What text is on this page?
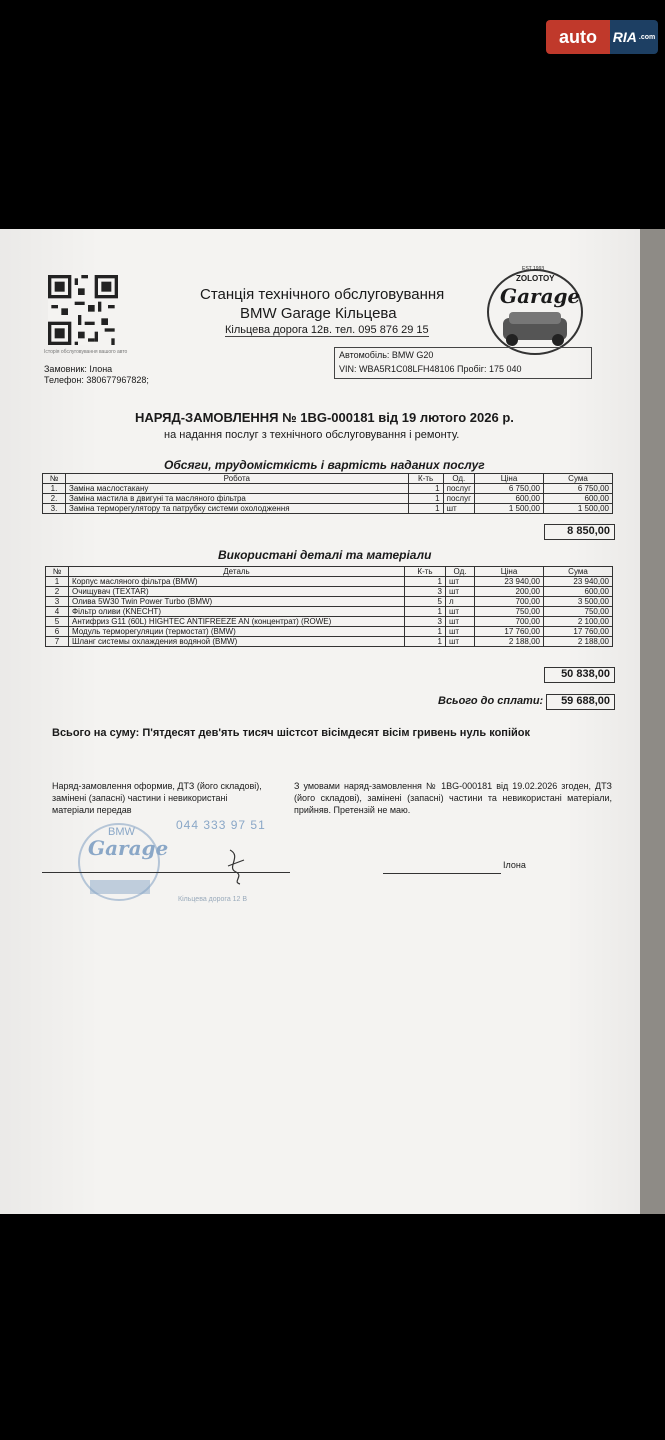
auto	RIA .com
Історія обслуговування вашого авто
Станція технічного обслуговування
BMW Garage Кільцева
Кільцева дорога 12в. тел. 095 876 29 15
Замовник: Ілона
Телефон: 380677967828;
EST 1993
ZOLOTOY
Garage
Автомобіль: BMW G20
VIN: WBA5R1C08LFH48106 Пробіг: 175 040
НАРЯД-ЗАМОВЛЕННЯ № 1BG-000181 від 19 лютого 2026 р.
на надання послуг з технічного обслуговування і ремонту.
Обсяги, трудомісткість і вартість наданих послуг
№	Робота	К-ть	Од.	Ціна	Сума
1.	Заміна маслостакану	1	послуг	6 750,00	6 750,00
2.	Заміна мастила в двигуні та масляного фільтра	1	послуг	600,00	600,00
3.	Заміна терморегулятору та патрубку системи охолодження	1	шт	1 500,00	1 500,00
8 850,00
Використані деталі та матеріали
№	Деталь	К-ть	Од.	Ціна	Сума
1	Корпус масляного фільтра (BMW)	1	шт	23 940,00	23 940,00
2	Очищувач (TEXTAR)	3	шт	200,00	600,00
3	Олива 5W30 Twin Power Turbo (BMW)	5	л	700,00	3 500,00
4	Фільтр оливи (KNECHT)	1	шт	750,00	750,00
5	Антифриз G11 (60L) HIGHTEC ANTIFREEZE AN (концентрат) (ROWE)	3	шт	700,00	2 100,00
6	Модуль терморегуляции (термостат) (BMW)	1	шт	17 760,00	17 760,00
7	Шланг системы охлаждения водяной (BMW)	1	шт	2 188,00	2 188,00
50 838,00
Всього до сплати:	59 688,00
Всього на суму: П'ятдесят дев'ять тисяч шістсот вісімдесят вісім гривень нуль копійок
Наряд-замовлення оформив, ДТЗ (його складові), замінені (запасні) частини і невикористані матеріали передав
З умовами наряд-замовлення № 1BG-000181 від 19.02.2026 згоден, ДТЗ (його складові), замінені (запасні) частини та невикористані матеріали, прийняв. Претензій не маю.
BMW
Garage
044 333 97 51
Кільцева дорога 12 В
Ілона
